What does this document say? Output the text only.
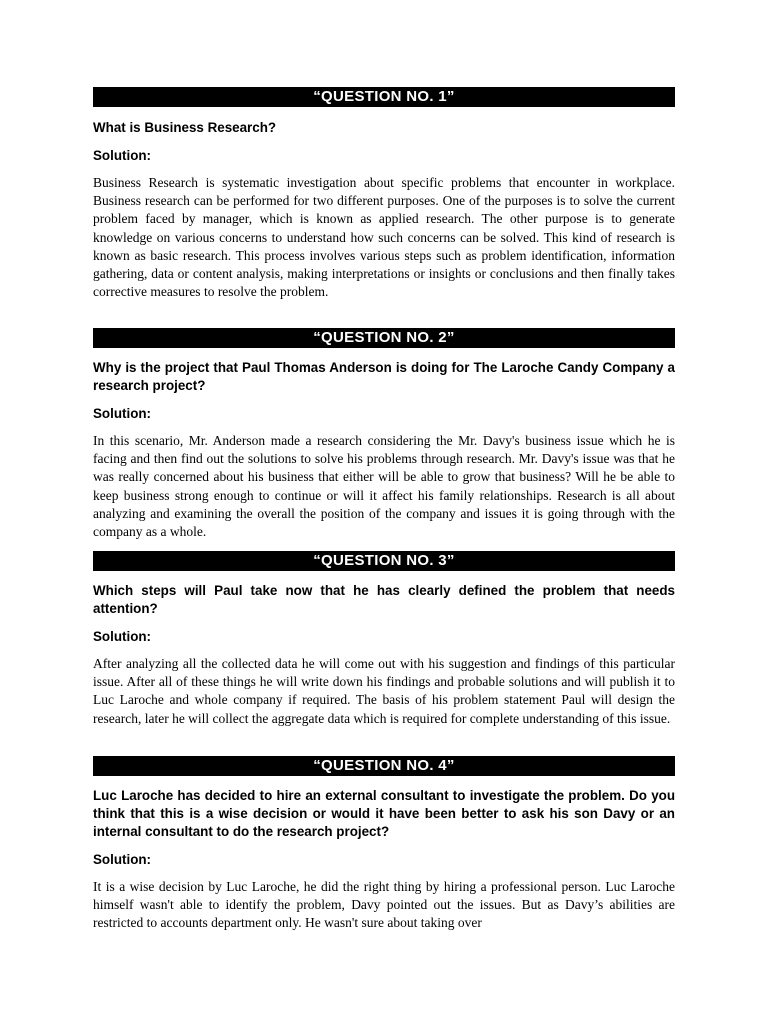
“QUESTION NO. 1”

What is Business Research?

Solution:

Business Research is systematic investigation about specific problems that encounter in workplace. Business research can be performed for two different purposes. One of the purposes is to solve the current problem faced by manager, which is known as applied research. The other purpose is to generate knowledge on various concerns to understand how such concerns can be solved. This kind of research is known as basic research. This process involves various steps such as problem identification, information gathering, data or content analysis, making interpretations or insights or conclusions and then finally takes corrective measures to resolve the problem.

“QUESTION NO. 2”

Why is the project that Paul Thomas Anderson is doing for The Laroche Candy Company a research project?

Solution:

In this scenario, Mr. Anderson made a research considering the Mr. Davy's business issue which he is facing and then find out the solutions to solve his problems through research. Mr. Davy's issue was that he was really concerned about his business that either will be able to grow that business? Will he be able to keep business strong enough to continue or will it affect his family relationships. Research is all about analyzing and examining the overall the position of the company and issues it is going through with the company as a whole.

“QUESTION NO. 3”

Which steps will Paul take now that he has clearly defined the problem that needs attention?

Solution:

After analyzing all the collected data he will come out with his suggestion and findings of this particular issue. After all of these things he will write down his findings and probable solutions and will publish it to Luc Laroche and whole company if required. The basis of his problem statement Paul will design the research, later he will collect the aggregate data which is required for complete understanding of this issue.

“QUESTION NO. 4”

Luc Laroche has decided to hire an external consultant to investigate the problem. Do you think that this is a wise decision or would it have been better to ask his son Davy or an internal consultant to do the research project?

Solution:

It is a wise decision by Luc Laroche, he did the right thing by hiring a professional person. Luc Laroche himself wasn't able to identify the problem, Davy pointed out the issues. But as Davy’s abilities are restricted to accounts department only. He wasn't sure about taking over
